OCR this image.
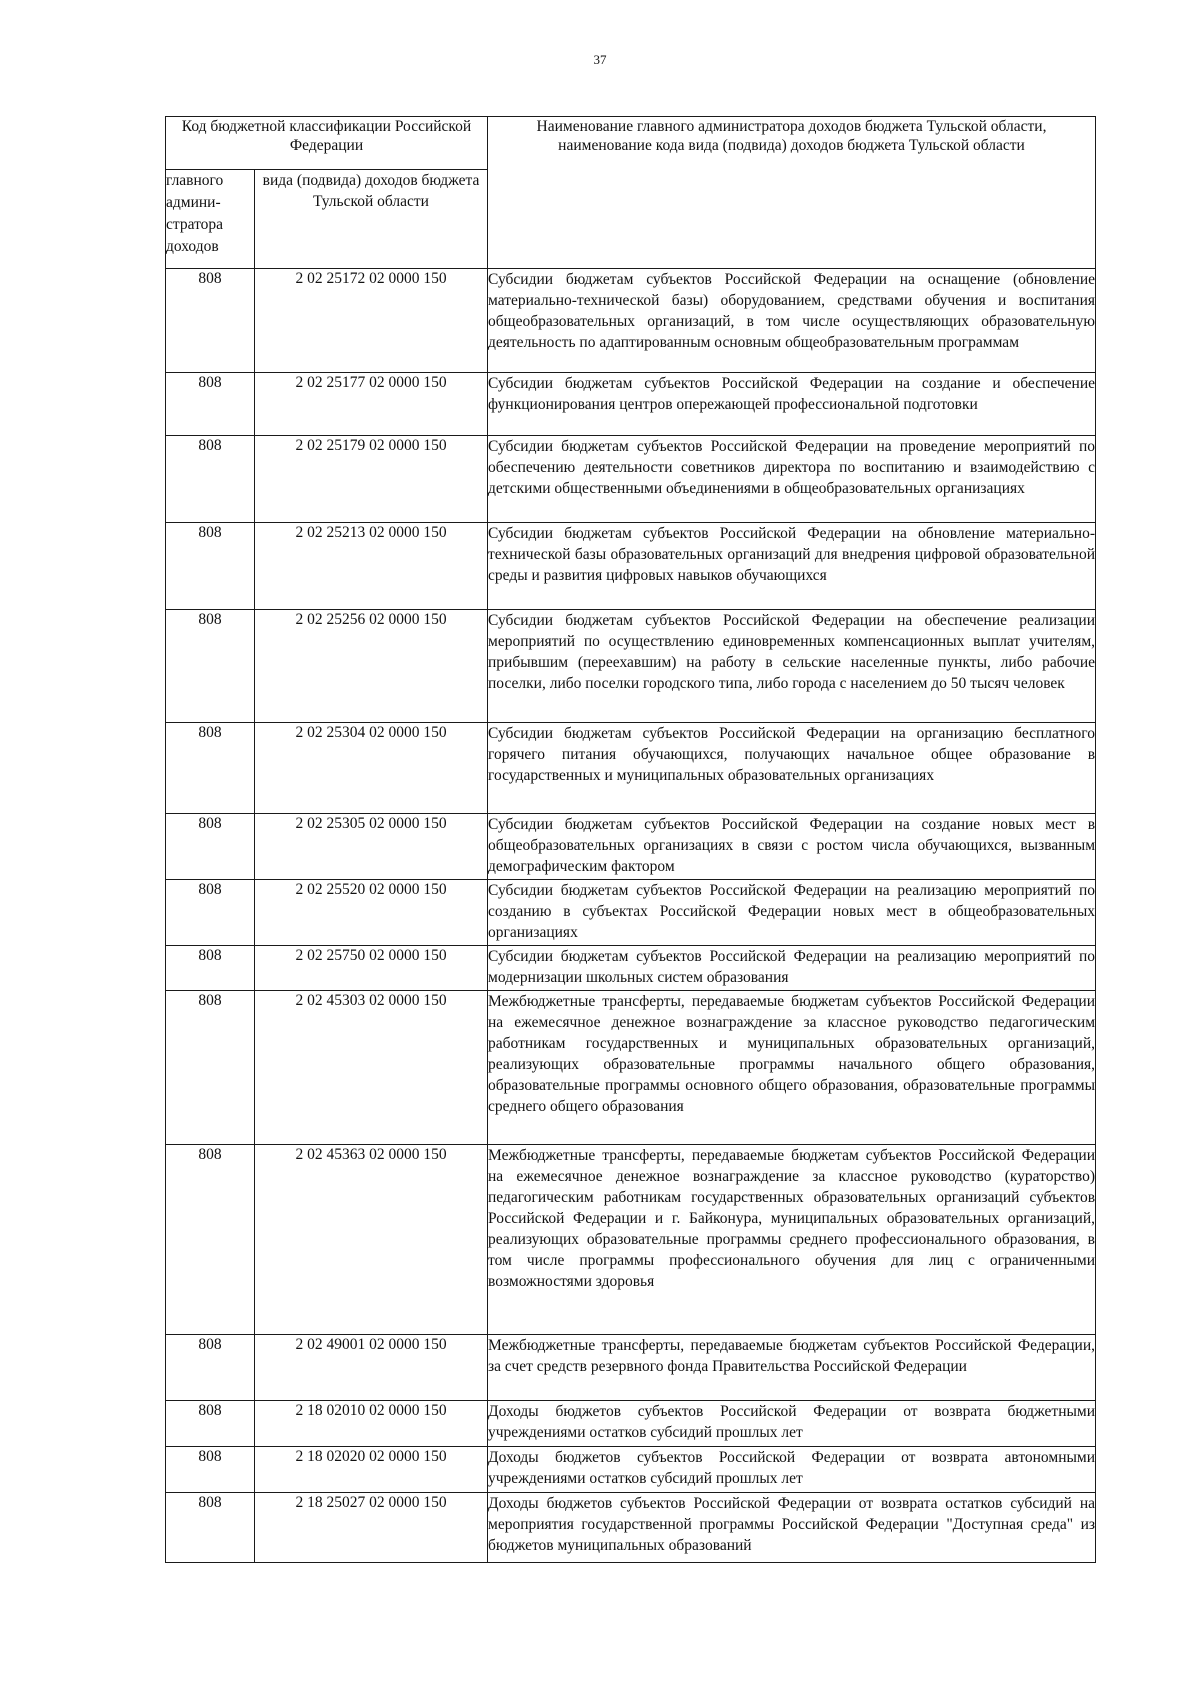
37
Код бюджетной классификации Российской Федерации		Наименование главного администратора доходов бюджета Тульской области, наименование кода вида (подвида) доходов бюджета Тульской области
главного админи-стратора доходов	вида (подвида) доходов бюджета Тульской области	
808	2 02 25172 02 0000 150	Субсидии бюджетам субъектов Российской Федерации на оснащение (обновление материально-технической базы) оборудованием, средствами обучения и воспитания общеобразовательных организаций, в том числе осуществляющих образовательную деятельность по адаптированным основным общеобразовательным программам
808	2 02 25177 02 0000 150	Субсидии бюджетам субъектов Российской Федерации на создание и обеспечение функционирования центров опережающей профессиональной подготовки
808	2 02 25179 02 0000 150	Субсидии бюджетам субъектов Российской Федерации на проведение мероприятий по обеспечению деятельности советников директора по воспитанию и взаимодействию с детскими общественными объединениями в общеобразовательных организациях
808	2 02 25213 02 0000 150	Субсидии бюджетам субъектов Российской Федерации на обновление материально-технической базы образовательных организаций для внедрения цифровой образовательной среды и развития цифровых навыков обучающихся
808	2 02 25256 02 0000 150	Субсидии бюджетам субъектов Российской Федерации на обеспечение реализации мероприятий по осуществлению единовременных компенсационных выплат учителям, прибывшим (переехавшим) на работу в сельские населенные пункты, либо рабочие поселки, либо поселки городского типа, либо города с населением до 50 тысяч человек
808	2 02 25304 02 0000 150	Субсидии бюджетам субъектов Российской Федерации на организацию бесплатного горячего питания обучающихся, получающих начальное общее образование в государственных и муниципальных образовательных организациях
808	2 02 25305 02 0000 150	Субсидии бюджетам субъектов Российской Федерации на создание новых мест в общеобразовательных организациях в связи с ростом числа обучающихся, вызванным демографическим фактором
808	2 02 25520 02 0000 150	Субсидии бюджетам субъектов Российской Федерации на реализацию мероприятий по созданию в субъектах Российской Федерации новых мест в общеобразовательных организациях
808	2 02 25750 02 0000 150	Субсидии бюджетам субъектов Российской Федерации на реализацию мероприятий по модернизации школьных систем образования
808	2 02 45303 02 0000 150	Межбюджетные трансферты, передаваемые бюджетам субъектов Российской Федерации на ежемесячное денежное вознаграждение за классное руководство педагогическим работникам государственных и муниципальных образовательных организаций, реализующих образовательные программы начального общего образования, образовательные программы основного общего образования, образовательные программы среднего общего образования
808	2 02 45363 02 0000 150	Межбюджетные трансферты, передаваемые бюджетам субъектов Российской Федерации на ежемесячное денежное вознаграждение за классное руководство (кураторство) педагогическим работникам государственных образовательных организаций субъектов Российской Федерации и г. Байконура, муниципальных образовательных организаций, реализующих образовательные программы среднего профессионального образования, в том числе программы профессионального обучения для лиц с ограниченными возможностями здоровья
808	2 02 49001 02 0000 150	Межбюджетные трансферты, передаваемые бюджетам субъектов Российской Федерации, за счет средств резервного фонда Правительства Российской Федерации
808	2 18 02010 02 0000 150	Доходы бюджетов субъектов Российской Федерации от возврата бюджетными учреждениями остатков субсидий прошлых лет
808	2 18 02020 02 0000 150	Доходы бюджетов субъектов Российской Федерации от возврата автономными учреждениями остатков субсидий прошлых лет
808	2 18 25027 02 0000 150	Доходы бюджетов субъектов Российской Федерации от возврата остатков субсидий на мероприятия государственной программы Российской Федерации "Доступная среда" из бюджетов муниципальных образований
